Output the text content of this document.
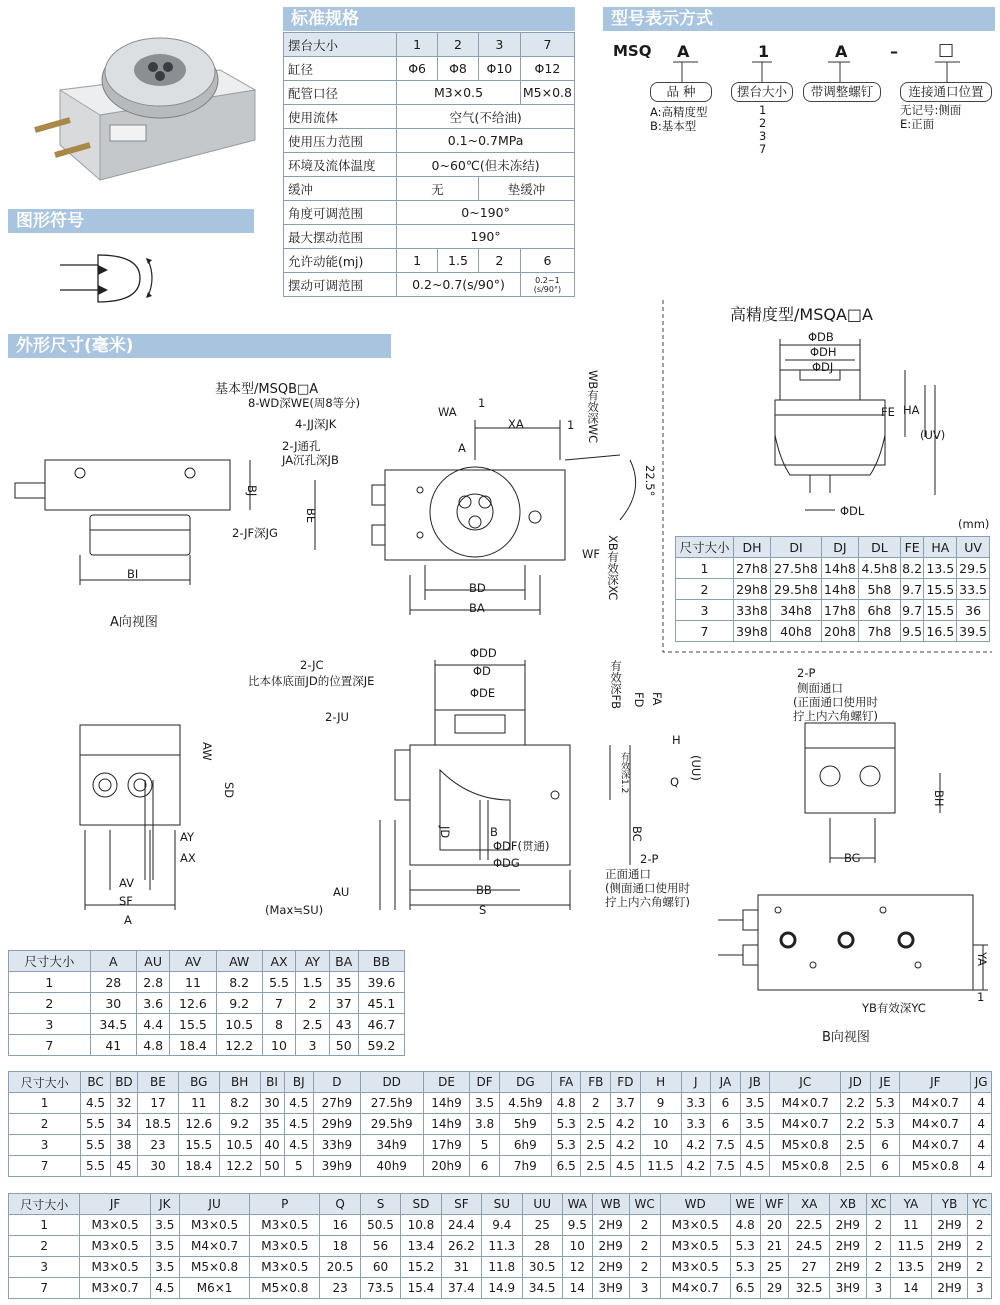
标准规格	型号表示方式
图形符号
外形尺寸(毫米)
摆台大小	1	2	3	7
缸径	Φ6	Φ8	Φ10	Φ12
配管口径	M3×0.5			M5×0.8
使用流体	空气(不给油)			
使用压力范围	0.1~0.7MPa			
环境及流体温度	0~60℃(但未冻结)			
缓冲	无		垫缓冲	
角度可调范围	0~190°			
最大摆动范围	190°			
允许动能(mj)	1	1.5	2	6
摆动可调范围	0.2~0.7(s/90°)			0.2~1 (s/90°)
MSQ A	1	A	– □
品 种	摆台大小	带调整螺钉	连接通口位置
A:高精度型
B:基本型
1
2
3
7
无记号:侧面
E:正面
高精度型/MSQA□A
ΦDB
ΦDH
ΦDJ
FE HA
(UV)
ΦDL
(mm)
尺寸大小	DH	DI	DJ	DL	FE	HA	UV
1	27h8	27.5h8	14h8	4.5h8	8.2	13.5	29.5
2	29h8	29.5h8	14h8	5h8	9.7	15.5	33.5
3	33h8	34h8	17h8	6h8	9.7	15.5	36
7	39h8	40h8	20h8	7h8	9.5	16.5	39.5
BI
BJ
A向视图
2-JF深JG
基本型/MSQB□A
8-WD深WE(周8等分)
4-JJ深JK
2-J通孔
JA沉孔深JB
WA
1
XA	1
A
WB有效深WC
22.5°
BE
WF XB有效深XC
BD
BA
AW
SD
AY
AX
AV
SF
A
2-JC
比本体底面JD的位置深JE
2-JU
ΦDD
ΦD
ΦDE	有效深FB FD FA
H
(UU)
有效深1.2	Q
BC
JD	B
ΦDF(贯通)
ΦDG	2-P
正面通口
(侧面通口使用时
拧上内六角螺钉)
AU	BB
(Max≒SU)	S
2-P
侧面通口
(正面通口使用时
拧上内六角螺钉)
BH
BG
YA
1
YB有效深YC
B向视图
尺寸大小	A	AU	AV	AW	AX	AY	BA	BB
1	28	2.8	11	8.2	5.5	1.5	35	39.6
2	30	3.6	12.6	9.2	7	2	37	45.1
3	34.5	4.4	15.5	10.5	8	2.5	43	46.7
7	41	4.8	18.4	12.2	10	3	50	59.2
尺寸大小	BC	BD	BE	BG	BH	BI	BJ	D	DD	DE	DF	DG	FA	FB	FD	H	J	JA	JB	JC	JD	JE	JF	JG
1	4.5	32	17	11	8.2	30	4.5	27h9	27.5h9	14h9	3.5	4.5h9	4.8	2	3.7	9	3.3	6	3.5	M4×0.7	2.2	5.3	M4×0.7	4
2	5.5	34	18.5	12.6	9.2	35	4.5	29h9	29.5h9	14h9	3.8	5h9	5.3	2.5	4.2	10	3.3	6	3.5	M4×0.7	2.2	5.3	M4×0.7	4
3	5.5	38	23	15.5	10.5	40	4.5	33h9	34h9	17h9	5	6h9	5.3	2.5	4.2	10	4.2	7.5	4.5	M5×0.8	2.5	6	M4×0.7	4
7	5.5	45	30	18.4	12.2	50	5	39h9	40h9	20h9	6	7h9	6.5	2.5	4.5	11.5	4.2	7.5	4.5	M5×0.8	2.5	6	M5×0.8	4
尺寸大小	JF	JK	JU	P	Q	S	SD	SF	SU	UU	WA	WB	WC	WD	WE	WF	XA	XB	XC	YA	YB	YC
1	M3×0.5	3.5	M3×0.5	M3×0.5	16	50.5	10.8	24.4	9.4	25	9.5	2H9	2	M3×0.5	4.8	20	22.5	2H9	2	11	2H9	2
2	M3×0.5	3.5	M4×0.7	M3×0.5	18	56	13.4	26.2	11.3	28	10	2H9	2	M3×0.5	5.3	21	24.5	2H9	2	11.5	2H9	2
3	M3×0.5	3.5	M5×0.8	M3×0.5	20.5	60	15.2	31	11.8	30.5	12	2H9	2	M3×0.5	5.3	25	27	2H9	2	13.5	2H9	2
7	M3×0.7	4.5	M6×1	M5×0.8	23	73.5	15.4	37.4	14.9	34.5	14	3H9	3	M4×0.7	6.5	29	32.5	3H9	3	14	2H9	3
